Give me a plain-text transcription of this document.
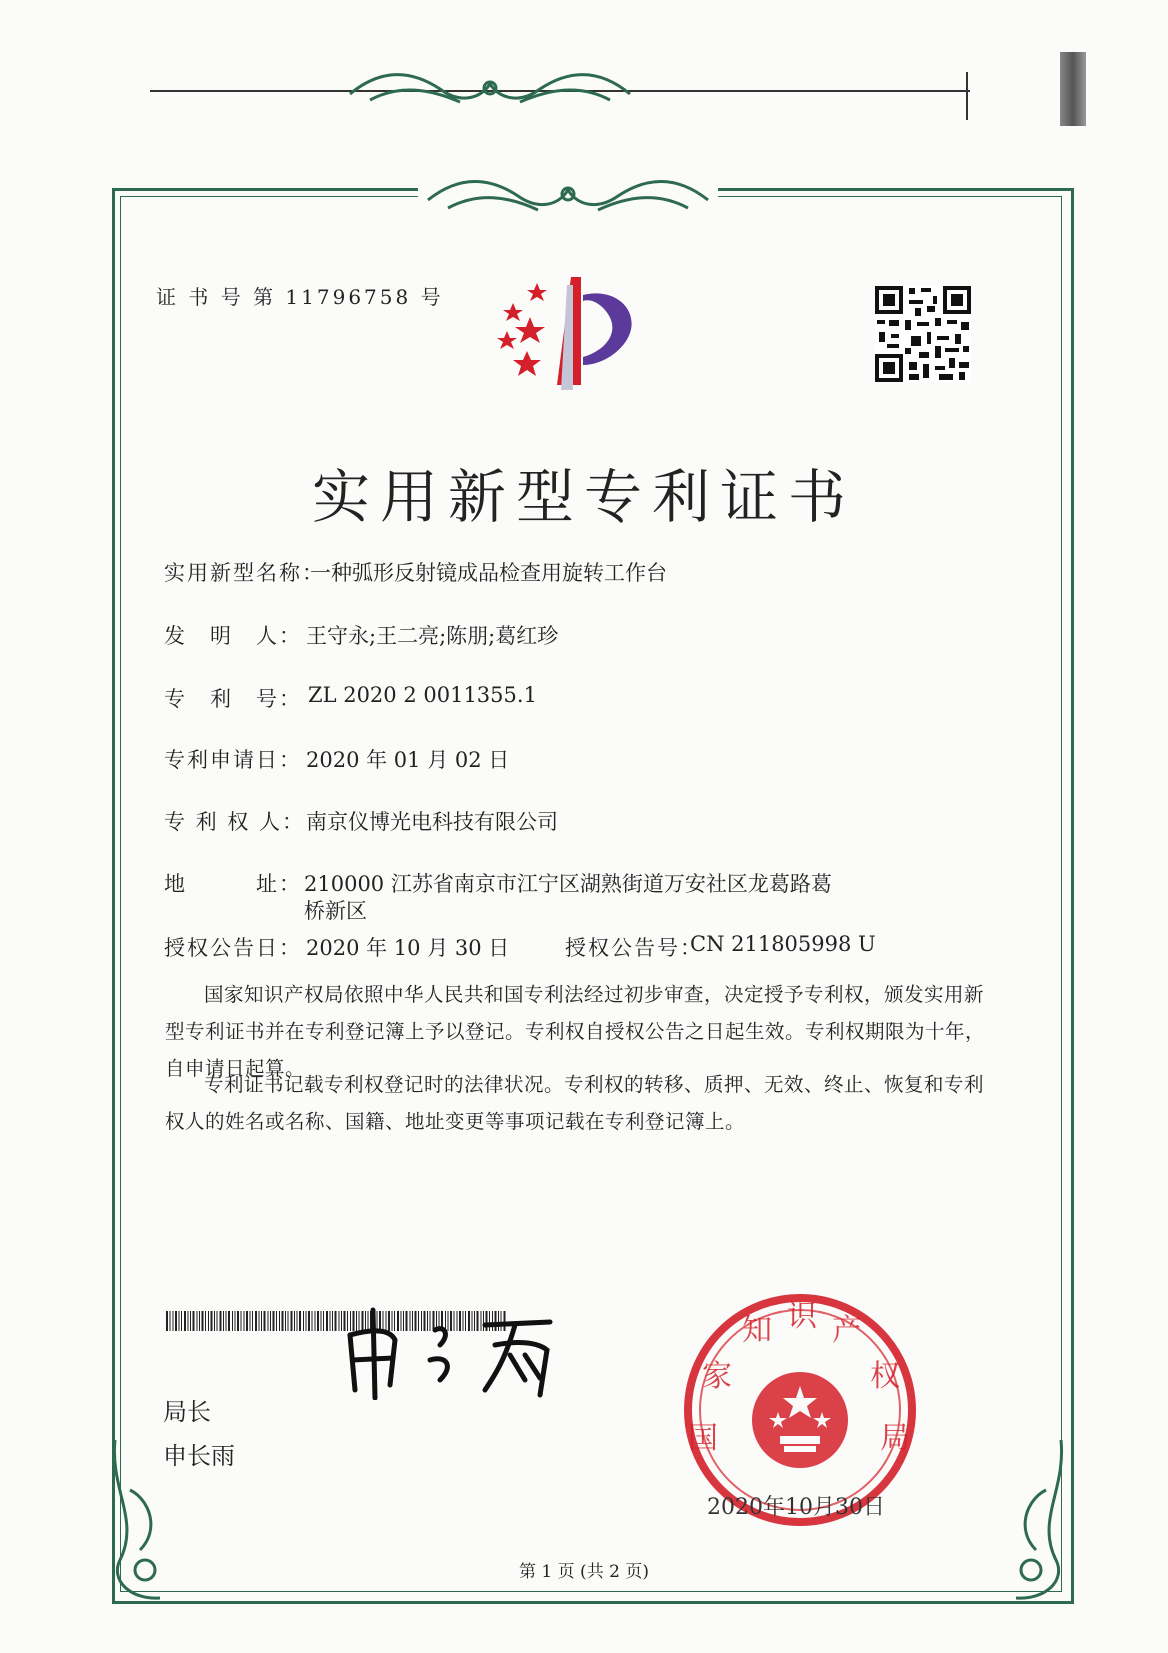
证 书 号 第 11796758 号
实用新型专利证书
实用新型名称：
一种弧形反射镜成品检查用旋转工作台
发　明　人： 王守永;王二亮;陈朋;葛红珍
专　利　号： ZL 2020 2 0011355.1
专利申请日： 2020 年 01 月 02 日
专 利 权 人： 南京仪博光电科技有限公司
地　　　址： 210000 江苏省南京市江宁区湖熟街道万安社区龙葛路葛
桥新区
授权公告日： 2020 年 10 月 30 日	授权公告号：
CN 211805998 U
国家知识产权局依照中华人民共和国专利法经过初步审查，决定授予专利权，颁发实用新型专利证书并在专利登记簿上予以登记。专利权自授权公告之日起生效。专利权期限为十年，自申请日起算。
专利证书记载专利权登记时的法律状况。专利权的转移、质押、无效、终止、恢复和专利权人的姓名或名称、国籍、地址变更等事项记载在专利登记簿上。
局长
申长雨	国
家
知 识 产
权
局
2020年10月30日
第 1 页 (共 2 页)
